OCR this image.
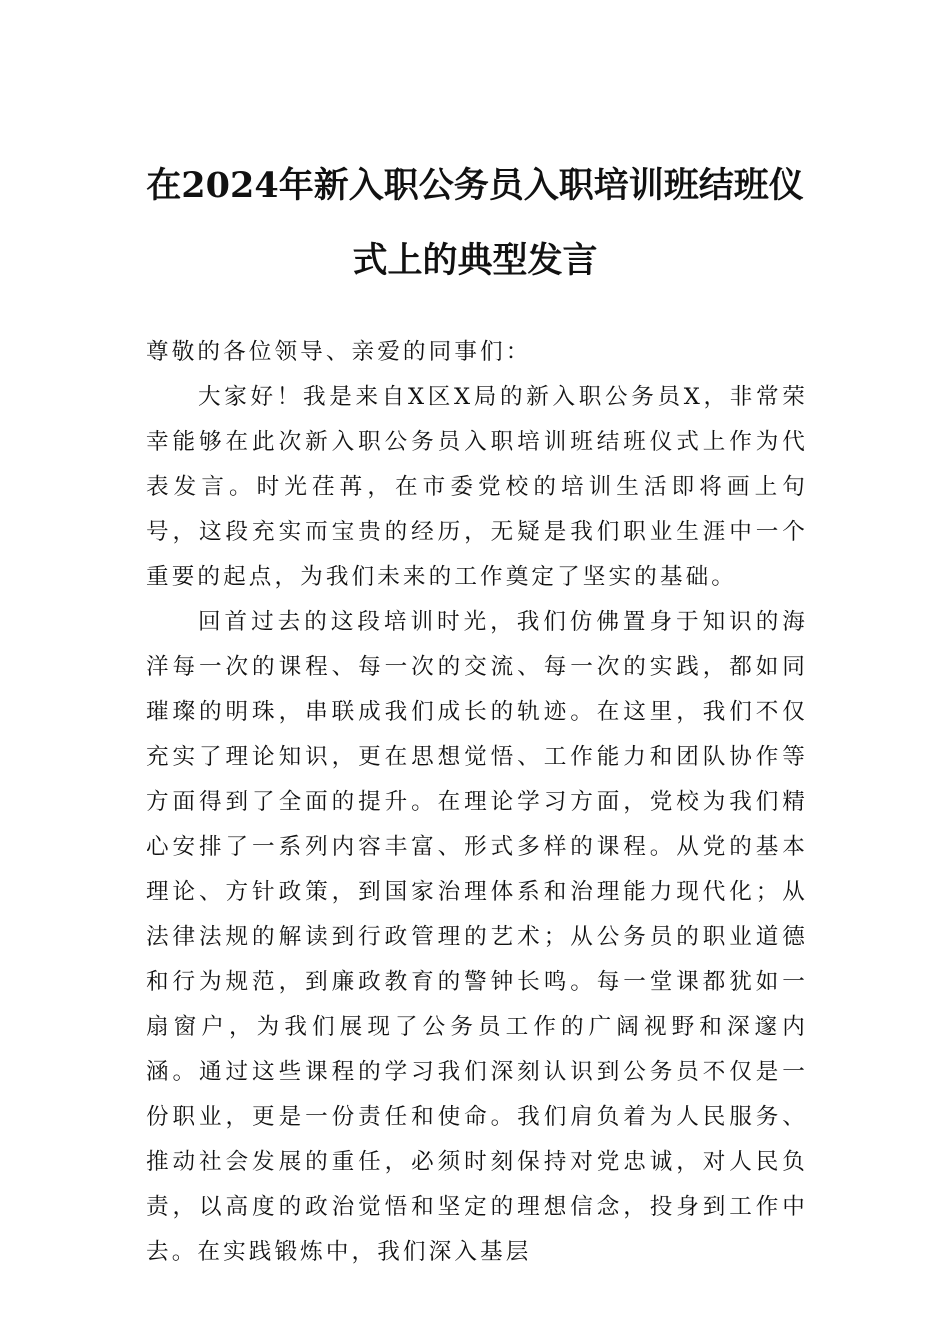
在2024年新入职公务员入职培训班结班仪
式上的典型发言

尊敬的各位领导、亲爱的同事们：

大家好！我是来自X区X局的新入职公务员X，非常荣幸能够在此次新入职公务员入职培训班结班仪式上作为代表发言。时光荏苒，在市委党校的培训生活即将画上句号，这段充实而宝贵的经历，无疑是我们职业生涯中一个重要的起点，为我们未来的工作奠定了坚实的基础。

回首过去的这段培训时光，我们仿佛置身于知识的海洋每一次的课程、每一次的交流、每一次的实践，都如同璀璨的明珠，串联成我们成长的轨迹。在这里，我们不仅充实了理论知识，更在思想觉悟、工作能力和团队协作等方面得到了全面的提升。在理论学习方面，党校为我们精心安排了一系列内容丰富、形式多样的课程。从党的基本理论、方针政策，到国家治理体系和治理能力现代化；从法律法规的解读到行政管理的艺术；从公务员的职业道德和行为规范，到廉政教育的警钟长鸣。每一堂课都犹如一扇窗户，为我们展现了公务员工作的广阔视野和深邃内涵。通过这些课程的学习我们深刻认识到公务员不仅是一份职业，更是一份责任和使命。我们肩负着为人民服务、推动社会发展的重任，必须时刻保持对党忠诚，对人民负责，以高度的政治觉悟和坚定的理想信念，投身到工作中去。在实践锻炼中，我们深入基层
